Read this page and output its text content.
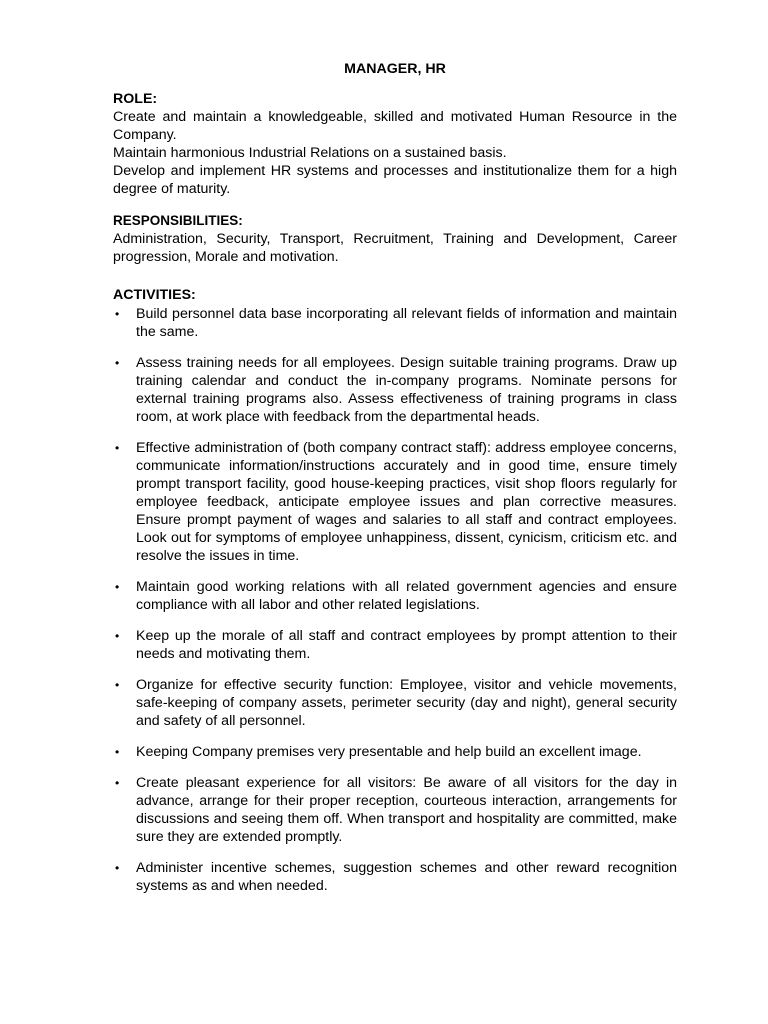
MANAGER, HR
ROLE:

Create and maintain a knowledgeable, skilled and motivated Human Resource in the Company.

Maintain harmonious Industrial Relations on a sustained basis.

Develop and implement HR systems and processes and institutionalize them for a high degree of maturity.

RESPONSIBILITIES:

Administration, Security, Transport, Recruitment, Training and Development, Career progression, Morale and motivation.

ACTIVITIES:
• Build personnel data base incorporating all relevant fields of information and maintain the same.
• Assess training needs for all employees. Design suitable training programs. Draw up training calendar and conduct the in-company programs. Nominate persons for external training programs also. Assess effectiveness of training programs in class room, at work place with feedback from the departmental heads.
• Effective administration of (both company contract staff): address employee concerns, communicate information/instructions accurately and in good time, ensure timely prompt transport facility, good house-keeping practices, visit shop floors regularly for employee feedback, anticipate employee issues and plan corrective measures. Ensure prompt payment of wages and salaries to all staff and contract employees. Look out for symptoms of employee unhappiness, dissent, cynicism, criticism etc. and resolve the issues in time.
• Maintain good working relations with all related government agencies and ensure compliance with all labor and other related legislations.
• Keep up the morale of all staff and contract employees by prompt attention to their needs and motivating them.
• Organize for effective security function: Employee, visitor and vehicle movements, safe-keeping of company assets, perimeter security (day and night), general security and safety of all personnel.
• Keeping Company premises very presentable and help build an excellent image.
• Create pleasant experience for all visitors: Be aware of all visitors for the day in advance, arrange for their proper reception, courteous interaction, arrangements for discussions and seeing them off. When transport and hospitality are committed, make sure they are extended promptly.
• Administer incentive schemes, suggestion schemes and other reward recognition systems as and when needed.
